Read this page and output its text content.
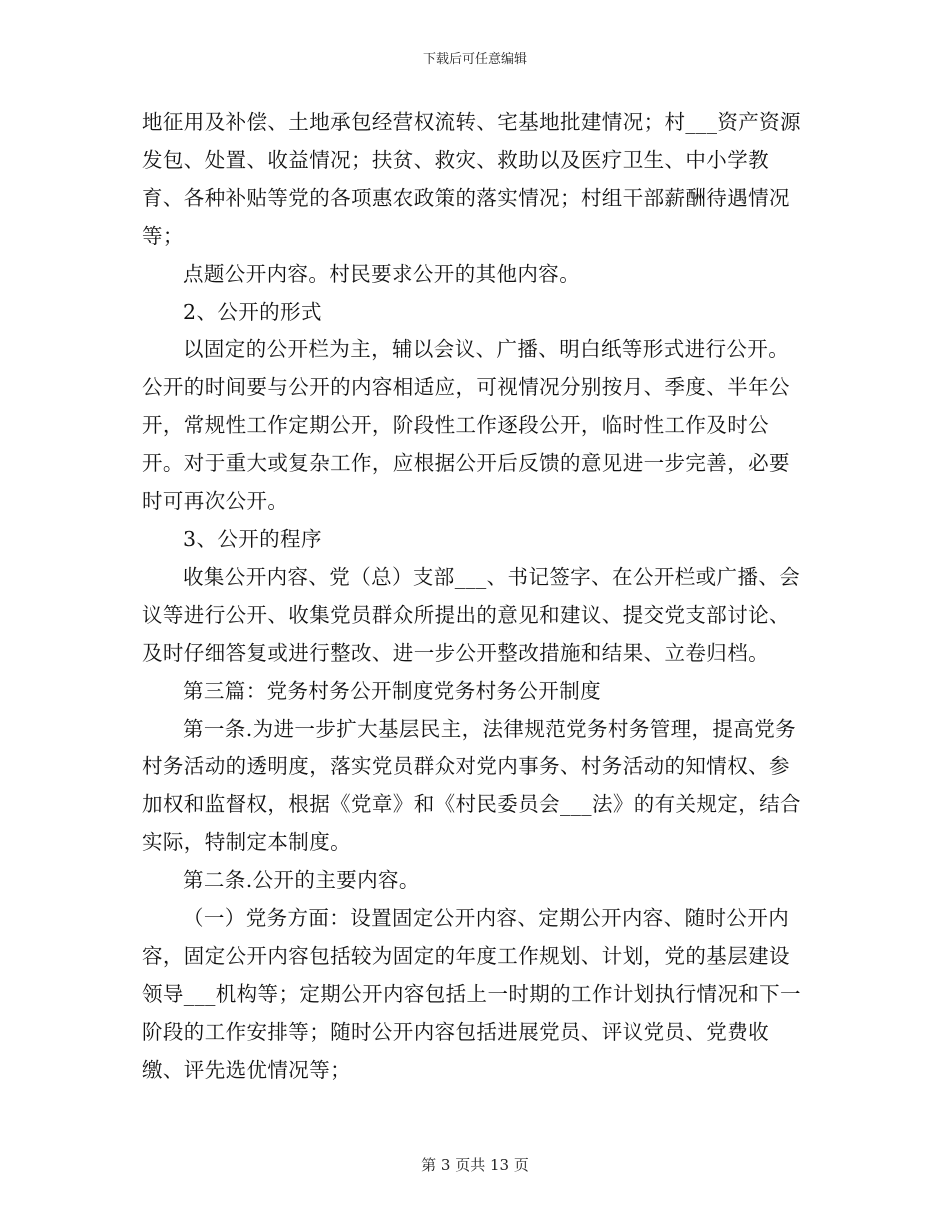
下载后可任意编辑

地征用及补偿、土地承包经营权流转、宅基地批建情况；村___资产资源发包、处置、收益情况；扶贫、救灾、救助以及医疗卫生、中小学教育、各种补贴等党的各项惠农政策的落实情况；村组干部薪酬待遇情况等；

点题公开内容。村民要求公开的其他内容。

2、公开的形式

以固定的公开栏为主，辅以会议、广播、明白纸等形式进行公开。公开的时间要与公开的内容相适应，可视情况分别按月、季度、半年公开，常规性工作定期公开，阶段性工作逐段公开，临时性工作及时公开。对于重大或复杂工作，应根据公开后反馈的意见进一步完善，必要时可再次公开。

3、公开的程序

收集公开内容、党（总）支部___、书记签字、在公开栏或广播、会议等进行公开、收集党员群众所提出的意见和建议、提交党支部讨论、及时仔细答复或进行整改、进一步公开整改措施和结果、立卷归档。

第三篇：党务村务公开制度党务村务公开制度

第一条.为进一步扩大基层民主，法律规范党务村务管理，提高党务村务活动的透明度，落实党员群众对党内事务、村务活动的知情权、参加权和监督权，根据《党章》和《村民委员会___法》的有关规定，结合实际，特制定本制度。

第二条.公开的主要内容。

（一）党务方面：设置固定公开内容、定期公开内容、随时公开内容，固定公开内容包括较为固定的年度工作规划、计划，党的基层建设领导___机构等；定期公开内容包括上一时期的工作计划执行情况和下一阶段的工作安排等；随时公开内容包括进展党员、评议党员、党费收缴、评先选优情况等；

第 3 页共 13 页
